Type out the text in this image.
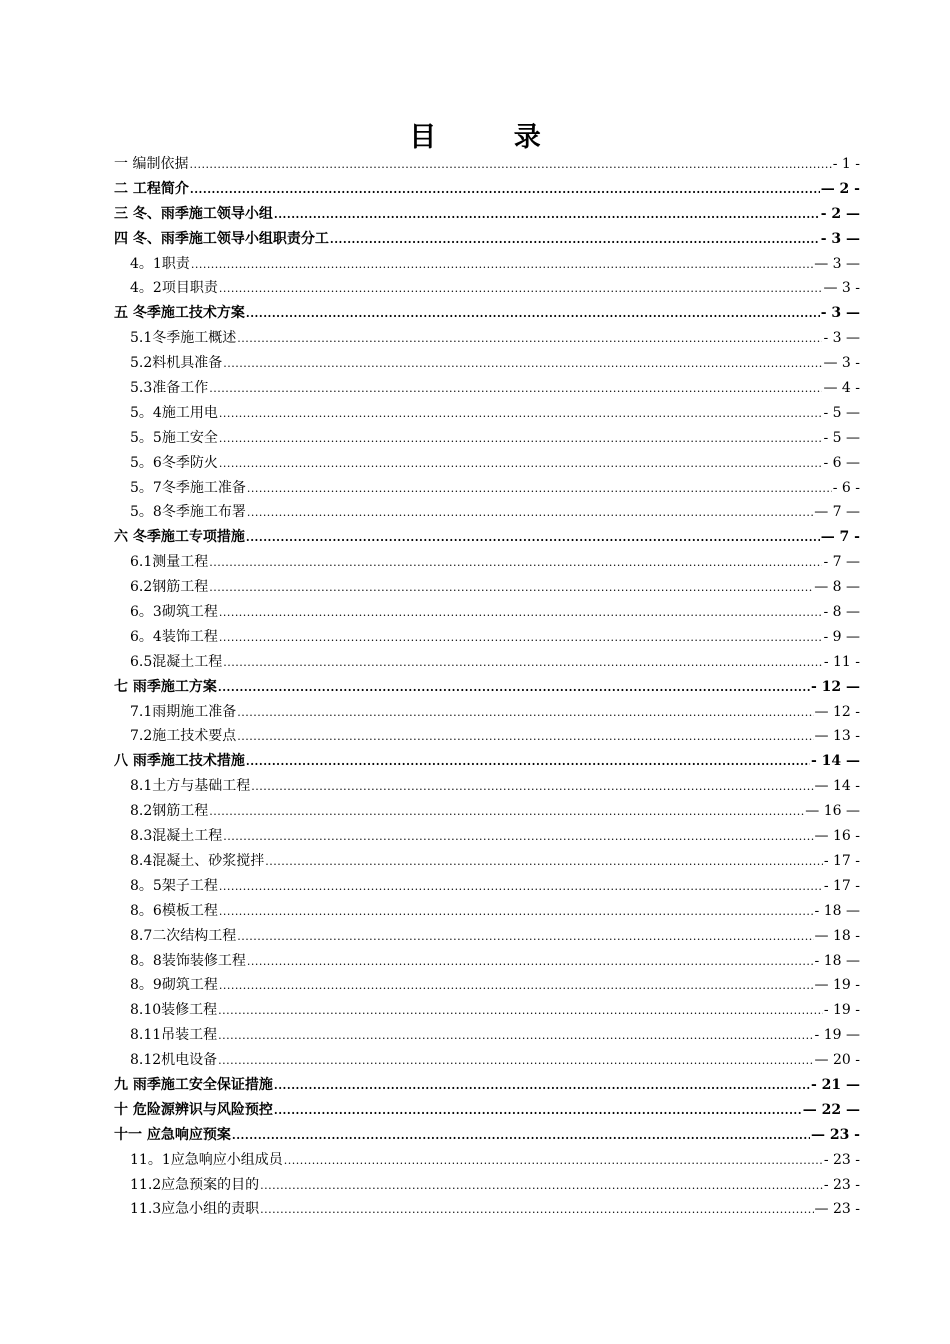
目 录
一 编制依据 .....	- 1 -
二 工程简介 .....	— 2 -
三 冬、雨季施工领导小组 .....	- 2 —
四 冬、雨季施工领导小组职责分工 .....	- 3 —
4。1职责 .....	— 3 —
4。2项目职责 .....	— 3 -
五 冬季施工技术方案 .....	- 3 —
5.1冬季施工概述 .....	- 3 —
5.2料机具准备 .....	— 3 -
5.3准备工作 .....	— 4 -
5。4施工用电 .....	- 5 —
5。5施工安全 .....	- 5 —
5。6冬季防火 .....	- 6 —
5。7冬季施工准备 .....	- 6 -
5。8冬季施工布署 .....	— 7 —
六 冬季施工专项措施 .....	— 7 -
6.1测量工程 .....	- 7 —
6.2钢筋工程 .....	— 8 —
6。3砌筑工程 .....	- 8 —
6。4装饰工程 .....	- 9 —
6.5混凝土工程 .....	- 11 -
七 雨季施工方案 .....	- 12 —
7.1雨期施工准备 .....	— 12 -
7.2施工技术要点 .....	— 13 -
八 雨季施工技术措施 .....	- 14 —
8.1土方与基础工程 .....	— 14 -
8.2钢筋工程 .....	— 16 —
8.3混凝土工程 .....	— 16 -
8.4混凝土、砂浆搅拌 .....	- 17 -
8。5架子工程 .....	- 17 -
8。6模板工程 .....	- 18 —
8.7二次结构工程 .....	— 18 -
8。8装饰装修工程 .....	- 18 —
8。9砌筑工程 .....	— 19 -
8.10装修工程 .....	- 19 -
8.11吊装工程 .....	- 19 —
8.12机电设备 .....	— 20 -
九 雨季施工安全保证措施 .....	- 21 —
十 危险源辨识与风险预控 .....	— 22 —
十一 应急响应预案 .....	— 23 -
11。1应急响应小组成员 .....	- 23 -
11.2应急预案的目的 .....	- 23 -
11.3应急小组的责职 .....	— 23 -
